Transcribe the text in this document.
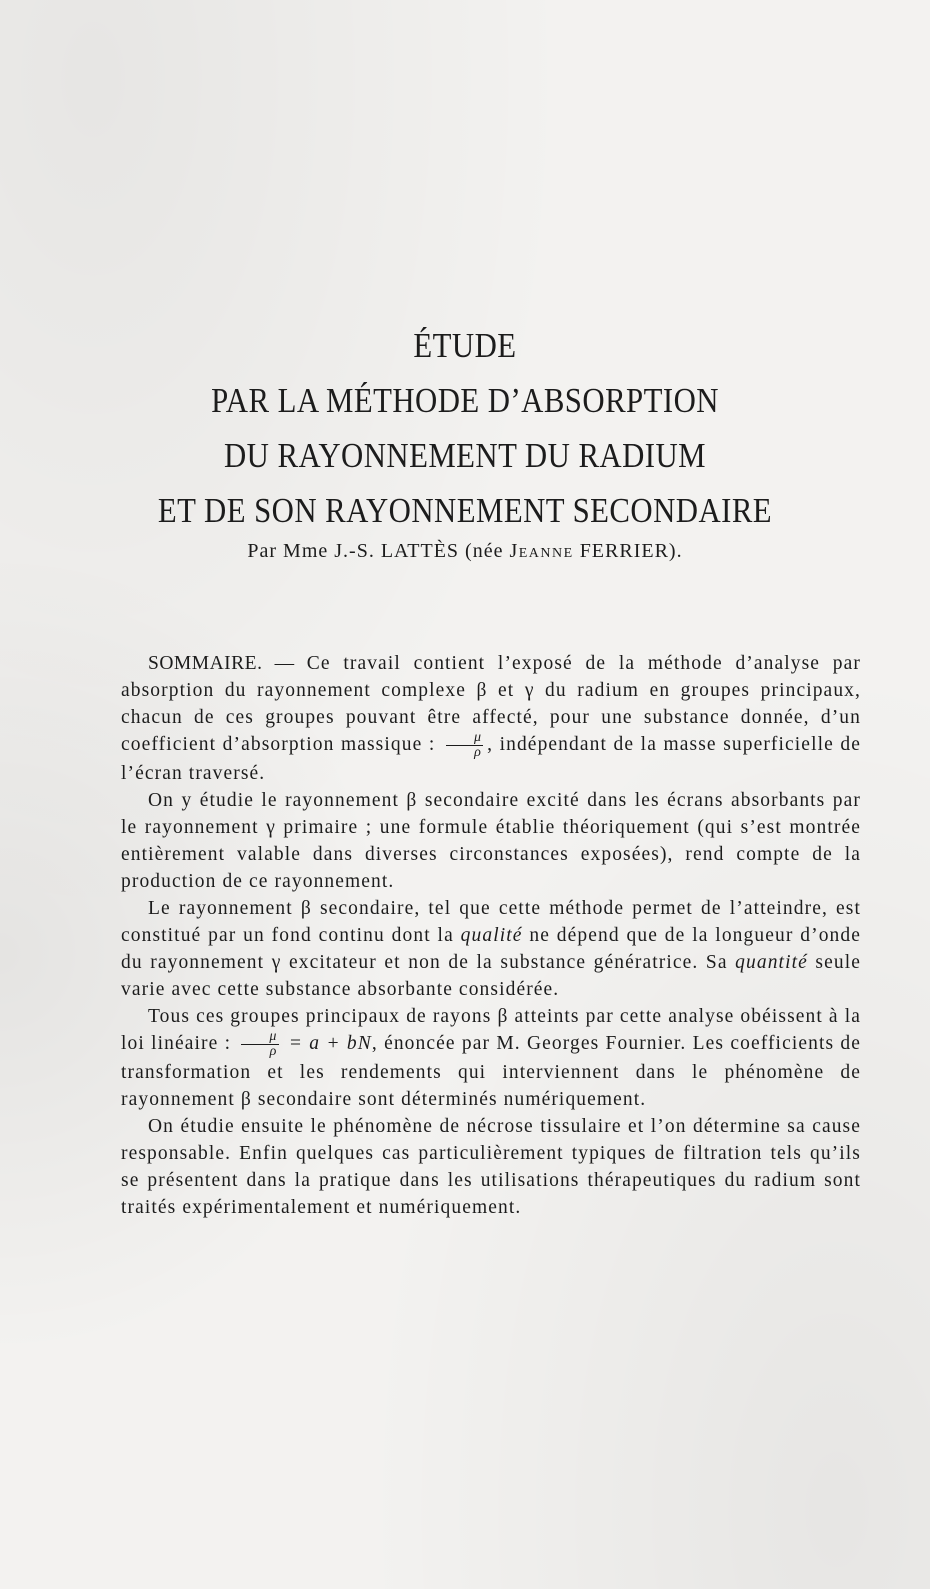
ÉTUDE
PAR LA MÉTHODE D’ABSORPTION
DU RAYONNEMENT DU RADIUM
ET DE SON RAYONNEMENT SECONDAIRE
Par Mme J.-S. LATTÈS (née Jeanne FERRIER).

SOMMAIRE. — Ce travail contient l’exposé de la méthode d’analyse par absorption du rayonnement complexe β et γ du radium en groupes principaux, chacun de ces groupes pouvant être affecté, pour une substance donnée, d’un coefficient d’absorption massique : $\frac{\mu}{\rho}$ , indépendant de la masse superficielle de l’écran traversé.

On y étudie le rayonnement β secondaire excité dans les écrans absorbants par le rayonnement γ primaire ; une formule établie théoriquement (qui s’est montrée entièrement valable dans diverses circonstances exposées), rend compte de la production de ce rayonnement.

Le rayonnement β secondaire, tel que cette méthode permet de l’atteindre, est constitué par un fond continu dont la qualité ne dépend que de la longueur d’onde du rayonnement γ excitateur et non de la substance génératrice. Sa quantité seule varie avec cette substance absorbante considérée.

Tous ces groupes principaux de rayons β atteints par cette analyse obéissent à la loi linéaire : $\frac{\mu}{\rho} = a$ + bN, énoncée par M. Georges Fournier. Les coefficients de transformation et les rendements qui interviennent dans le phénomène de rayonnement β secondaire sont déterminés numériquement.

On étudie ensuite le phénomène de nécrose tissulaire et l’on détermine sa cause responsable. Enfin quelques cas particulièrement typiques de filtration tels qu’ils se présentent dans la pratique dans les utilisations thérapeutiques du radium sont traités expérimentalement et numériquement.
